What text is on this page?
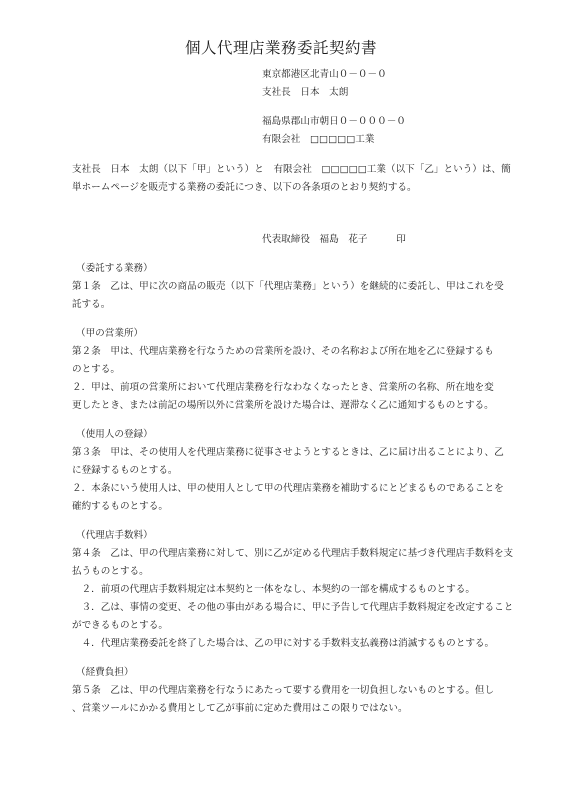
個人代理店業務委託契約書
東京都港区北青山０－０－０
支社長　日本　太朗
福島県郡山市朝日０－０００－０
有限会社　□□□□□工業
支社長　日本　太朗（以下「甲」という）と　有限会社　□□□□□工業（以下「乙」という）は、簡
単ホームページを販売する業務の委託につき、以下の各条項のとおり契約する。
代表取締役　福島　花子　　　印
（委託する業務）
第１条　乙は、甲に次の商品の販売（以下「代理店業務」という）を継続的に委託し、甲はこれを受
託する。
（甲の営業所）
第２条　甲は、代理店業務を行なうための営業所を設け、その名称および所在地を乙に登録するも
のとする。
２．甲は、前項の営業所において代理店業務を行なわなくなったとき、営業所の名称、所在地を変
更したとき、または前記の場所以外に営業所を設けた場合は、遅滞なく乙に通知するものとする。
（使用人の登録）
第３条　甲は、その使用人を代理店業務に従事させようとするときは、乙に届け出ることにより、乙
に登録するものとする。
２．本条にいう使用人は、甲の使用人として甲の代理店業務を補助するにとどまるものであることを
確約するものとする。
（代理店手数料）
第４条　乙は、甲の代理店業務に対して、別に乙が定める代理店手数料規定に基づき代理店手数料を支
払うものとする。
　２．前項の代理店手数料規定は本契約と一体をなし、本契約の一部を構成するものとする。
　３．乙は、事情の変更、その他の事由がある場合に、甲に予告して代理店手数料規定を改定すること
ができるものとする。
　４．代理店業務委託を終了した場合は、乙の甲に対する手数料支払義務は消滅するものとする。
（経費負担）
第５条　乙は、甲の代理店業務を行なうにあたって要する費用を一切負担しないものとする。但し
、営業ツールにかかる費用として乙が事前に定めた費用はこの限りではない。
